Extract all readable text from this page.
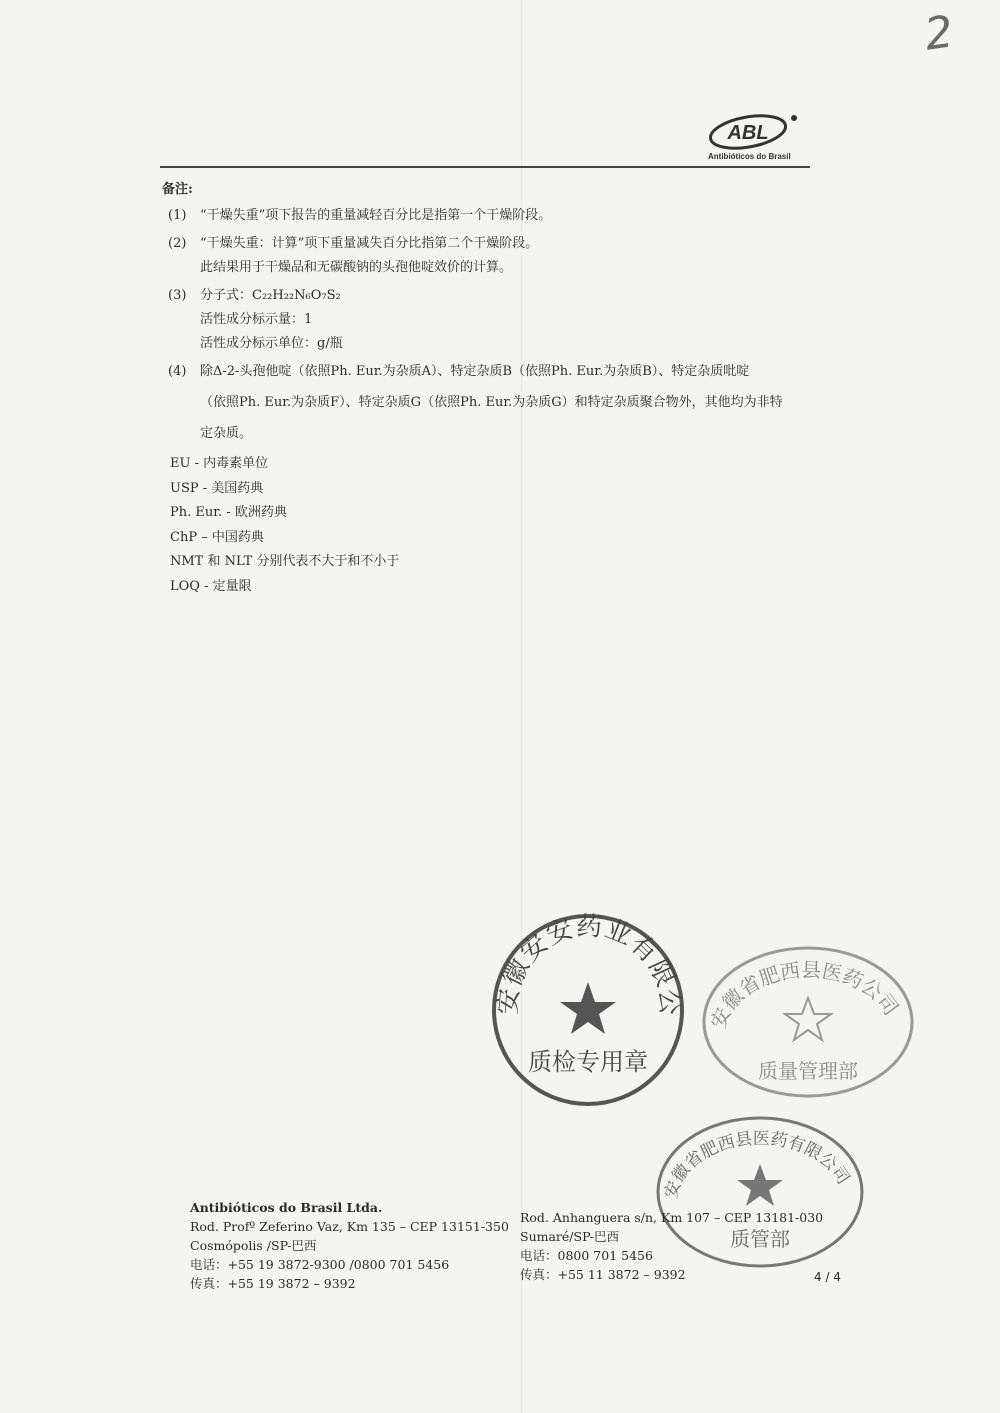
2
ABL
Antibióticos do Brasil
备注:
(1) “干燥失重”项下报告的重量减轻百分比是指第一个干燥阶段。
(2) “干燥失重：计算”项下重量减失百分比指第二个干燥阶段。
此结果用于干燥品和无碳酸钠的头孢他啶效价的计算。
(3) 分子式：C₂₂H₂₂N₆O₇S₂
活性成分标示量：1
活性成分标示单位：g/瓶
(4) 除Δ-2-头孢他啶（依照Ph. Eur.为杂质A）、特定杂质B（依照Ph. Eur.为杂质B）、特定杂质吡啶
（依照Ph. Eur.为杂质F）、特定杂质G（依照Ph. Eur.为杂质G）和特定杂质聚合物外，其他均为非特
定杂质。
EU - 内毒素单位
USP - 美国药典
Ph. Eur. - 欧洲药典
ChP – 中国药典
NMT 和 NLT 分别代表不大于和不小于
LOQ - 定量限
安徽安安药业有限公司
质检专用章
安徽省肥西县医药公司
质量管理部
安徽省肥西县医药有限公司
质管部
Antibióticos do Brasil Ltda.
Rod. Profº Zeferino Vaz, Km 135 – CEP 13151-350
Cosmópolis /SP-巴西
电话：+55 19 3872-9300 /0800 701 5456
传真：+55 19 3872 – 9392
Rod. Anhanguera s/n, Km 107 – CEP 13181-030
Sumaré/SP-巴西
电话：0800 701 5456
传真：+55 11 3872 – 9392	4 / 4
